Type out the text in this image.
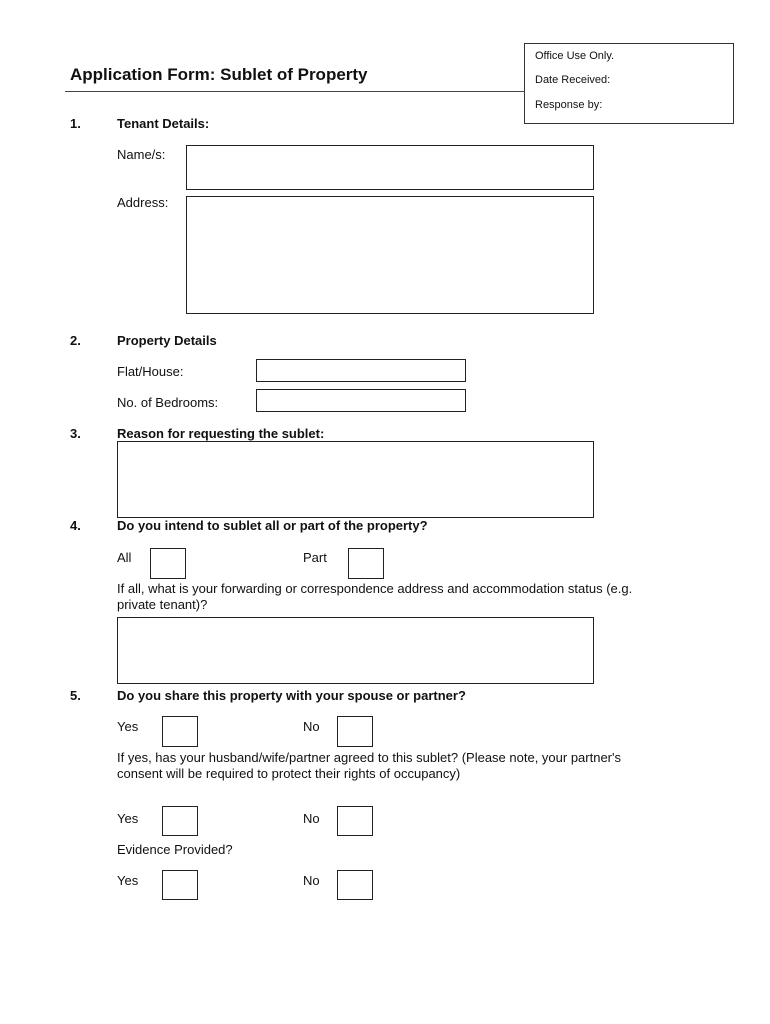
Office Use Only.
Date Received:
Response by:
Application Form: Sublet of Property
1.	Tenant Details:
Name/s:
Address:
2.	Property Details
Flat/House:
No. of Bedrooms:
3.	Reason for requesting the sublet:
4.	Do you intend to sublet all or part of the property?
All	Part
If all, what is your forwarding or correspondence address and accommodation status (e.g.
private tenant)?
5.	Do you share this property with your spouse or partner?
Yes	No
If yes, has your husband/wife/partner agreed to this sublet? (Please note, your partner's
consent will be required to protect their rights of occupancy)
Yes	No
Evidence Provided?
Yes	No
